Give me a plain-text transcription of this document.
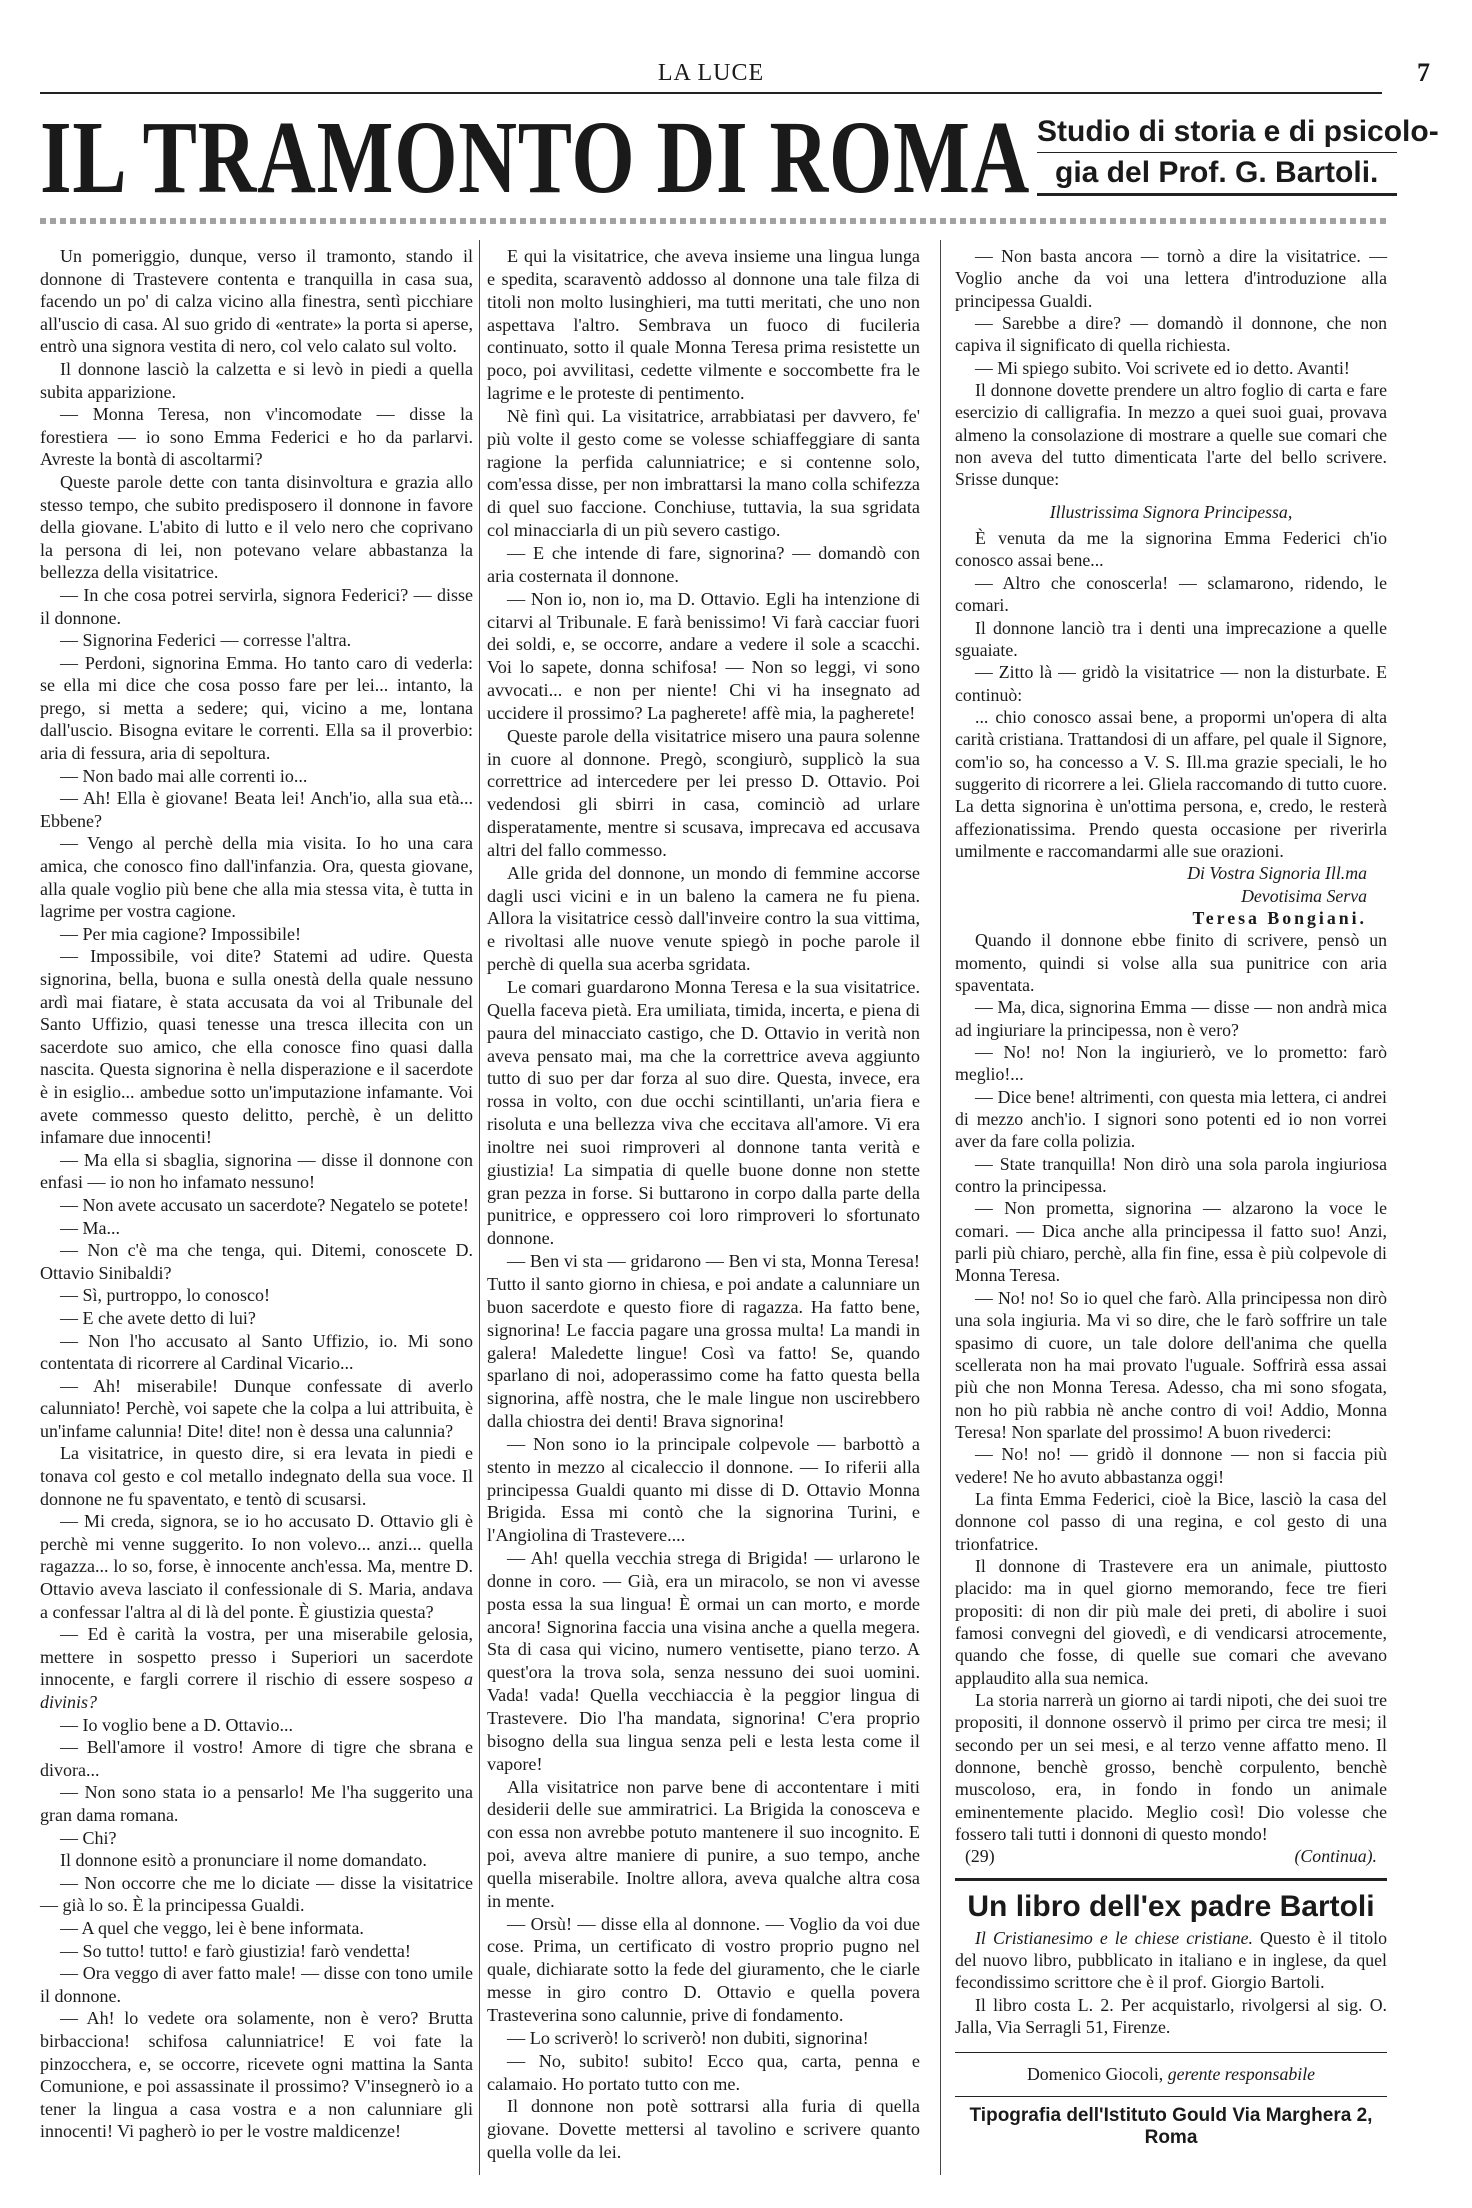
LA LUCE	7
IL TRAMONTO DI ROMA Studio di storia e di psicolo-
gia del Prof. G. Bartoli.

Un pomeriggio, dunque, verso il tramonto, stando il donnone di Trastevere contenta e tranquilla in casa sua, facendo un po' di calza vicino alla finestra, sentì picchiare all'uscio di casa. Al suo grido di «entrate» la porta si aperse, entrò una signora vestita di nero, col velo calato sul volto.

Il donnone lasciò la calzetta e si levò in piedi a quella subita apparizione.

— Monna Teresa, non v'incomodate — disse la forestiera — io sono Emma Federici e ho da parlarvi. Avreste la bontà di ascoltarmi?

Queste parole dette con tanta disinvoltura e grazia allo stesso tempo, che subito predisposero il donnone in favore della giovane. L'abito di lutto e il velo nero che coprivano la persona di lei, non potevano velare abbastanza la bellezza della visitatrice.

— In che cosa potrei servirla, signora Federici? — disse il donnone.

— Signorina Federici — corresse l'altra.

— Perdoni, signorina Emma. Ho tanto caro di vederla: se ella mi dice che cosa posso fare per lei... intanto, la prego, si metta a sedere; qui, vicino a me, lontana dall'uscio. Bisogna evitare le correnti. Ella sa il proverbio: aria di fessura, aria di sepoltura.

— Non bado mai alle correnti io...

— Ah! Ella è giovane! Beata lei! Anch'io, alla sua età... Ebbene?

— Vengo al perchè della mia visita. Io ho una cara amica, che conosco fino dall'infanzia. Ora, questa giovane, alla quale voglio più bene che alla mia stessa vita, è tutta in lagrime per vostra cagione.

— Per mia cagione? Impossibile!

— Impossibile, voi dite? Statemi ad udire. Questa signorina, bella, buona e sulla onestà della quale nessuno ardì mai fiatare, è stata accusata da voi al Tribunale del Santo Uffizio, quasi tenesse una tresca illecita con un sacerdote suo amico, che ella conosce fino quasi dalla nascita. Questa signorina è nella disperazione e il sacerdote è in esiglio... ambedue sotto un'imputazione infamante. Voi avete commesso questo delitto, perchè, è un delitto infamare due innocenti!

— Ma ella si sbaglia, signorina — disse il donnone con enfasi — io non ho infamato nessuno!

— Non avete accusato un sacerdote? Negatelo se potete!

— Ma...

— Non c'è ma che tenga, qui. Ditemi, conoscete D. Ottavio Sinibaldi?

— Sì, purtroppo, lo conosco!

— E che avete detto di lui?

— Non l'ho accusato al Santo Uffizio, io. Mi sono contentata di ricorrere al Cardinal Vicario...

— Ah! miserabile! Dunque confessate di averlo calunniato! Perchè, voi sapete che la colpa a lui attribuita, è un'infame calunnia! Dite! dite! non è dessa una calunnia?

La visitatrice, in questo dire, si era levata in piedi e tonava col gesto e col metallo indegnato della sua voce. Il donnone ne fu spaventato, e tentò di scusarsi.

— Mi creda, signora, se io ho accusato D. Ottavio gli è perchè mi venne suggerito. Io non volevo... anzi... quella ragazza... lo so, forse, è innocente anch'essa. Ma, mentre D. Ottavio aveva lasciato il confessionale di S. Maria, andava a confessar l'altra al di là del ponte. È giustizia questa?

— Ed è carità la vostra, per una miserabile gelosia, mettere in sospetto presso i Superiori un sacerdote innocente, e fargli correre il rischio di essere sospeso a divinis?

— Io voglio bene a D. Ottavio...

— Bell'amore il vostro! Amore di tigre che sbrana e divora...

— Non sono stata io a pensarlo! Me l'ha suggerito una gran dama romana.

— Chi?

Il donnone esitò a pronunciare il nome domandato.

— Non occorre che me lo diciate — disse la visitatrice — già lo so. È la principessa Gualdi.

— A quel che veggo, lei è bene informata.

— So tutto! tutto! e farò giustizia! farò vendetta!

— Ora veggo di aver fatto male! — disse con tono umile il donnone.

— Ah! lo vedete ora solamente, non è vero? Brutta birbacciona! schifosa calunniatrice! E voi fate la pinzocchera, e, se occorre, ricevete ogni mattina la Santa Comunione, e poi assassinate il prossimo? V'insegnerò io a tener la lingua a casa vostra e a non calunniare gli innocenti! Vi pagherò io per le vostre maldicenze!

E qui la visitatrice, che aveva insieme una lingua lunga e spedita, scaraventò addosso al donnone una tale filza di titoli non molto lusinghieri, ma tutti meritati, che uno non aspettava l'altro. Sembrava un fuoco di fucileria continuato, sotto il quale Monna Teresa prima resistette un poco, poi avvilitasi, cedette vilmente e soccombette fra le lagrime e le proteste di pentimento.

Nè finì qui. La visitatrice, arrabbiatasi per davvero, fe' più volte il gesto come se volesse schiaffeggiare di santa ragione la perfida calunniatrice; e si contenne solo, com'essa disse, per non imbrattarsi la mano colla schifezza di quel suo faccione. Conchiuse, tuttavia, la sua sgridata col minacciarla di un più severo castigo.

— E che intende di fare, signorina? — domandò con aria costernata il donnone.

— Non io, non io, ma D. Ottavio. Egli ha intenzione di citarvi al Tribunale. E farà benissimo! Vi farà cacciar fuori dei soldi, e, se occorre, andare a vedere il sole a scacchi. Voi lo sapete, donna schifosa! — Non so leggi, vi sono avvocati... e non per niente! Chi vi ha insegnato ad uccidere il prossimo? La pagherete! affè mia, la pagherete!

Queste parole della visitatrice misero una paura solenne in cuore al donnone. Pregò, scongiurò, supplicò la sua correttrice ad intercedere per lei presso D. Ottavio. Poi vedendosi gli sbirri in casa, cominciò ad urlare disperatamente, mentre si scusava, imprecava ed accusava altri del fallo commesso.

Alle grida del donnone, un mondo di femmine accorse dagli usci vicini e in un baleno la camera ne fu piena. Allora la visitatrice cessò dall'inveire contro la sua vittima, e rivoltasi alle nuove venute spiegò in poche parole il perchè di quella sua acerba sgridata.

Le comari guardarono Monna Teresa e la sua visitatrice. Quella faceva pietà. Era umiliata, timida, incerta, e piena di paura del minacciato castigo, che D. Ottavio in verità non aveva pensato mai, ma che la correttrice aveva aggiunto tutto di suo per dar forza al suo dire. Questa, invece, era rossa in volto, con due occhi scintillanti, un'aria fiera e risoluta e una bellezza viva che eccitava all'amore. Vi era inoltre nei suoi rimproveri al donnone tanta verità e giustizia! La simpatia di quelle buone donne non stette gran pezza in forse. Si buttarono in corpo dalla parte della punitrice, e oppressero coi loro rimproveri lo sfortunato donnone.

— Ben vi sta — gridarono — Ben vi sta, Monna Teresa! Tutto il santo giorno in chiesa, e poi andate a calunniare un buon sacerdote e questo fiore di ragazza. Ha fatto bene, signorina! Le faccia pagare una grossa multa! La mandi in galera! Maledette lingue! Così va fatto! Se, quando sparlano di noi, adoperassimo come ha fatto questa bella signorina, affè nostra, che le male lingue non uscirebbero dalla chiostra dei denti! Brava signorina!

— Non sono io la principale colpevole — barbottò a stento in mezzo al cicaleccio il donnone. — Io riferii alla principessa Gualdi quanto mi disse di D. Ottavio Monna Brigida. Essa mi contò che la signorina Turini, e l'Angiolina di Trastevere....

— Ah! quella vecchia strega di Brigida! — urlarono le donne in coro. — Già, era un miracolo, se non vi avesse posta essa la sua lingua! È ormai un can morto, e morde ancora! Signorina faccia una visina anche a quella megera. Sta di casa qui vicino, numero ventisette, piano terzo. A quest'ora la trova sola, senza nessuno dei suoi uomini. Vada! vada! Quella vecchiaccia è la peggior lingua di Trastevere. Dio l'ha mandata, signorina! C'era proprio bisogno della sua lingua senza peli e lesta lesta come il vapore!

Alla visitatrice non parve bene di accontentare i miti desiderii delle sue ammiratrici. La Brigida la conosceva e con essa non avrebbe potuto mantenere il suo incognito. E poi, aveva altre maniere di punire, a suo tempo, anche quella miserabile. Inoltre allora, aveva qualche altra cosa in mente.

— Orsù! — disse ella al donnone. — Voglio da voi due cose. Prima, un certificato di vostro proprio pugno nel quale, dichiarate sotto la fede del giuramento, che le ciarle messe in giro contro D. Ottavio e quella povera Trasteverina sono calunnie, prive di fondamento.

— Lo scriverò! lo scriverò! non dubiti, signorina!

— No, subito! subito! Ecco qua, carta, penna e calamaio. Ho portato tutto con me.

Il donnone non potè sottrarsi alla furia di quella giovane. Dovette mettersi al tavolino e scrivere quanto quella volle da lei.

— Non basta ancora — tornò a dire la visitatrice. — Voglio anche da voi una lettera d'introduzione alla principessa Gualdi.

— Sarebbe a dire? — domandò il donnone, che non capiva il significato di quella richiesta.

— Mi spiego subito. Voi scrivete ed io detto. Avanti!

Il donnone dovette prendere un altro foglio di carta e fare esercizio di calligrafia. In mezzo a quei suoi guai, provava almeno la consolazione di mostrare a quelle sue comari che non aveva del tutto dimenticata l'arte del bello scrivere. Srisse dunque:

Illustrissima Signora Principessa,

È venuta da me la signorina Emma Federici ch'io conosco assai bene...

— Altro che conoscerla! — sclamarono, ridendo, le comari.

Il donnone lanciò tra i denti una imprecazione a quelle sguaiate.

— Zitto là — gridò la visitatrice — non la disturbate. E continuò:

... chio conosco assai bene, a propormi un'opera di alta carità cristiana. Trattandosi di un affare, pel quale il Signore, com'io so, ha concesso a V. S. Ill.ma grazie speciali, le ho suggerito di ricorrere a lei. Gliela raccomando di tutto cuore. La detta signorina è un'ottima persona, e, credo, le resterà affezionatissima. Prendo questa occasione per riverirla umilmente e raccomandarmi alle sue orazioni.

Di Vostra Signoria Ill.ma

Devotisima Serva

Teresa Bongiani.

Quando il donnone ebbe finito di scrivere, pensò un momento, quindi si volse alla sua punitrice con aria spaventata.

— Ma, dica, signorina Emma — disse — non andrà mica ad ingiuriare la principessa, non è vero?

— No! no! Non la ingiurierò, ve lo prometto: farò meglio!...

— Dice bene! altrimenti, con questa mia lettera, ci andrei di mezzo anch'io. I signori sono potenti ed io non vorrei aver da fare colla polizia.

— State tranquilla! Non dirò una sola parola ingiuriosa contro la principessa.

— Non prometta, signorina — alzarono la voce le comari. — Dica anche alla principessa il fatto suo! Anzi, parli più chiaro, perchè, alla fin fine, essa è più colpevole di Monna Teresa.

— No! no! So io quel che farò. Alla principessa non dirò una sola ingiuria. Ma vi so dire, che le farò soffrire un tale spasimo di cuore, un tale dolore dell'anima che quella scellerata non ha mai provato l'uguale. Soffrirà essa assai più che non Monna Teresa. Adesso, cha mi sono sfogata, non ho più rabbia nè anche contro di voi! Addio, Monna Teresa! Non sparlate del prossimo! A buon rivederci:

— No! no! — gridò il donnone — non si faccia più vedere! Ne ho avuto abbastanza oggi!

La finta Emma Federici, cioè la Bice, lasciò la casa del donnone col passo di una regina, e col gesto di una trionfatrice.

Il donnone di Trastevere era un animale, piuttosto placido: ma in quel giorno memorando, fece tre fieri propositi: di non dir più male dei preti, di abolire i suoi famosi convegni del giovedì, e di vendicarsi atrocemente, quando che fosse, di quelle sue comari che avevano applaudito alla sua nemica.

La storia narrerà un giorno ai tardi nipoti, che dei suoi tre propositi, il donnone osservò il primo per circa tre mesi; il secondo per un sei mesi, e al terzo venne affatto meno. Il donnone, benchè grosso, benchè corpulento, benchè muscoloso, era, in fondo in fondo un animale eminentemente placido. Meglio così! Dio volesse che fossero tali tutti i donnoni di questo mondo!

(29)	(Continua).

Un libro dell'ex padre Bartoli

Il Cristianesimo e le chiese cristiane. Questo è il titolo del nuovo libro, pubblicato in italiano e in inglese, da quel fecondissimo scrittore che è il prof. Giorgio Bartoli.

Il libro costa L. 2. Per acquistarlo, rivolgersi al sig. O. Jalla, Via Serragli 51, Firenze.

Domenico Giocoli, gerente responsabile

Tipografia dell'Istituto Gould Via Marghera 2, Roma
